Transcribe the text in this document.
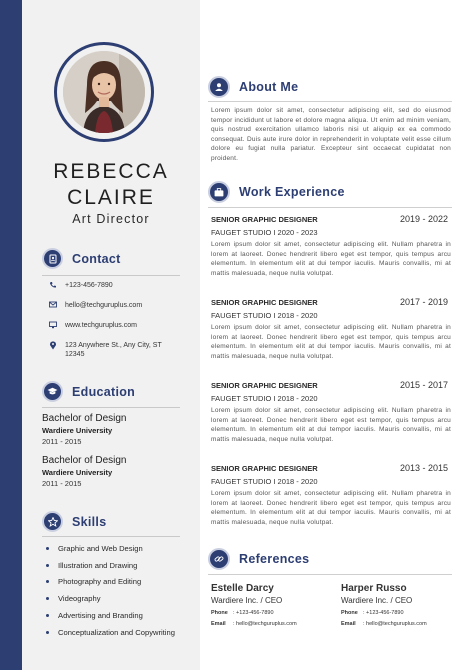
REBECCA
CLAIRE
Art Director
Contact
+123-456-7890
hello@techguruplus.com
www.techguruplus.com
123 Anywhere St., Any City, ST 12345
Education
Bachelor of Design
Wardiere University
2011 - 2015
Bachelor of Design
Wardiere University
2011 - 2015
Skills
Graphic and Web Design
Illustration and Drawing
Photography and Editing
Videography
Advertising and Branding
Conceptualization and Copywriting
About Me
Lorem ipsum dolor sit amet, consectetur adipiscing elit, sed do eiusmod tempor incididunt ut labore et dolore magna aliqua. Ut enim ad minim veniam, quis nostrud exercitation ullamco laboris nisi ut aliquip ex ea commodo consequat. Duis aute irure dolor in reprehenderit in voluptate velit esse cillum dolore eu fugiat nulla pariatur. Excepteur sint occaecat cupidatat non proident.
Work Experience
SENIOR GRAPHIC DESIGNER	2019 - 2022
FAUGET STUDIO I 2020 - 2023
Lorem ipsum dolor sit amet, consectetur adipiscing elit. Nullam pharetra in lorem at laoreet. Donec hendrerit libero eget est tempor, quis tempus arcu elementum. In elementum elit at dui tempor iaculis. Mauris convallis, mi at mattis malesuada, neque nulla volutpat.
SENIOR GRAPHIC DESIGNER	2017 - 2019
FAUGET STUDIO I 2018 - 2020
Lorem ipsum dolor sit amet, consectetur adipiscing elit. Nullam pharetra in lorem at laoreet. Donec hendrerit libero eget est tempor, quis tempus arcu elementum. In elementum elit at dui tempor iaculis. Mauris convallis, mi at mattis malesuada, neque nulla volutpat.
SENIOR GRAPHIC DESIGNER	2015 - 2017
FAUGET STUDIO I 2018 - 2020
Lorem ipsum dolor sit amet, consectetur adipiscing elit. Nullam pharetra in lorem at laoreet. Donec hendrerit libero eget est tempor, quis tempus arcu elementum. In elementum elit at dui tempor iaculis. Mauris convallis, mi at mattis malesuada, neque nulla volutpat.
SENIOR GRAPHIC DESIGNER	2013 - 2015
FAUGET STUDIO I 2018 - 2020
Lorem ipsum dolor sit amet, consectetur adipiscing elit. Nullam pharetra in lorem at laoreet. Donec hendrerit libero eget est tempor, quis tempus arcu elementum. In elementum elit at dui tempor iaculis. Mauris convallis, mi at mattis malesuada, neque nulla volutpat.
References
Estelle Darcy
Wardiere Inc. / CEO
Phone : +123-456-7890
Email : hello@techguruplus.com
Harper Russo
Wardiere Inc. / CEO
Phone : +123-456-7890
Email : hello@techguruplus.com
